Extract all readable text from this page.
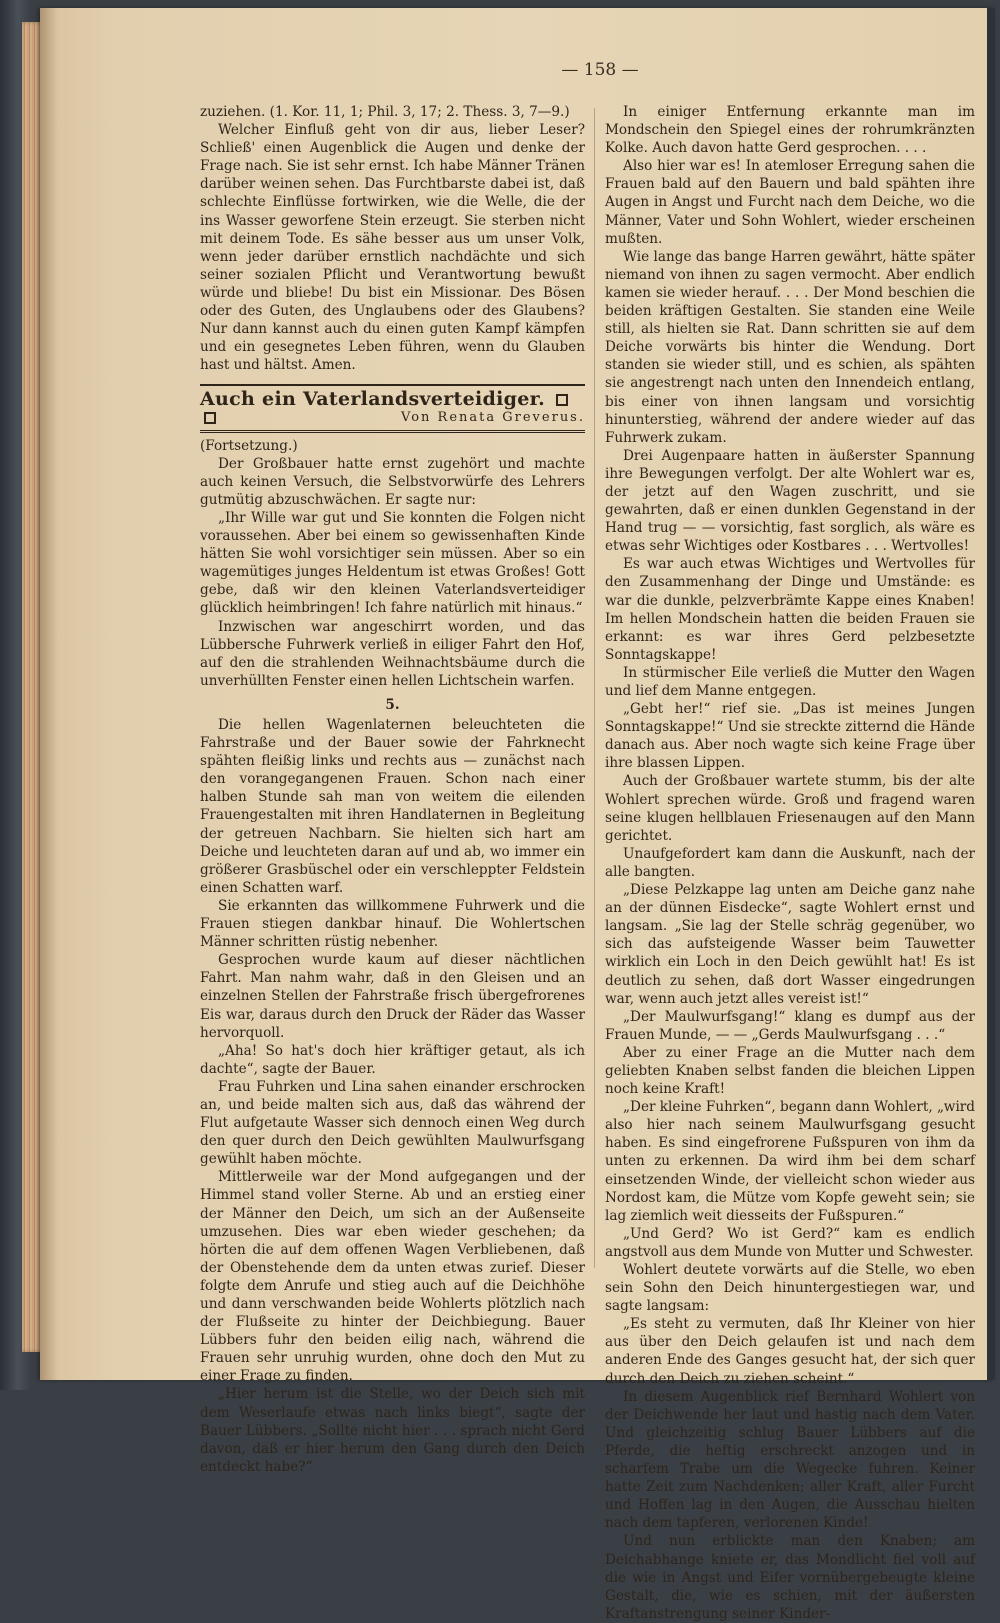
— 158 —

zuziehen. (1. Kor. 11, 1; Phil. 3, 17; 2. Thess. 3, 7—9.)

Welcher Einfluß geht von dir aus, lieber Leser? Schließ' einen Augenblick die Augen und denke der Frage nach. Sie ist sehr ernst. Ich habe Männer Tränen darüber weinen sehen. Das Furchtbarste dabei ist, daß schlechte Einflüsse fortwirken, wie die Welle, die der ins Wasser geworfene Stein erzeugt. Sie sterben nicht mit deinem Tode. Es sähe besser aus um unser Volk, wenn jeder darüber ernstlich nachdächte und sich seiner sozialen Pflicht und Verantwortung bewußt würde und bliebe! Du bist ein Missionar. Des Bösen oder des Guten, des Unglaubens oder des Glaubens? Nur dann kannst auch du einen guten Kampf kämpfen und ein gesegnetes Leben führen, wenn du Glauben hast und hältst. Amen.

Auch ein Vaterlandsverteidiger.
Von Renata Greverus.

(Fortsetzung.)

Der Großbauer hatte ernst zugehört und machte auch keinen Versuch, die Selbstvorwürfe des Lehrers gutmütig abzuschwächen. Er sagte nur:

„Ihr Wille war gut und Sie konnten die Folgen nicht voraussehen. Aber bei einem so gewissenhaften Kinde hätten Sie wohl vorsichtiger sein müssen. Aber so ein wagemütiges junges Heldentum ist etwas Großes! Gott gebe, daß wir den kleinen Vaterlandsverteidiger glücklich heimbringen! Ich fahre natürlich mit hinaus.“

Inzwischen war angeschirrt worden, und das Lübbersche Fuhrwerk verließ in eiliger Fahrt den Hof, auf den die strahlenden Weihnachtsbäume durch die unverhüllten Fenster einen hellen Lichtschein warfen.

5.

Die hellen Wagenlaternen beleuchteten die Fahrstraße und der Bauer sowie der Fahrknecht spähten fleißig links und rechts aus — zunächst nach den vorangegangenen Frauen. Schon nach einer halben Stunde sah man von weitem die eilenden Frauengestalten mit ihren Handlaternen in Begleitung der getreuen Nachbarn. Sie hielten sich hart am Deiche und leuchteten daran auf und ab, wo immer ein größerer Grasbüschel oder ein verschleppter Feldstein einen Schatten warf.

Sie erkannten das willkommene Fuhrwerk und die Frauen stiegen dankbar hinauf. Die Wohlertschen Männer schritten rüstig nebenher.

Gesprochen wurde kaum auf dieser nächtlichen Fahrt. Man nahm wahr, daß in den Gleisen und an einzelnen Stellen der Fahrstraße frisch übergefrorenes Eis war, daraus durch den Druck der Räder das Wasser hervorquoll.

„Aha! So hat's doch hier kräftiger getaut, als ich dachte“, sagte der Bauer.

Frau Fuhrken und Lina sahen einander erschrocken an, und beide malten sich aus, daß das während der Flut aufgetaute Wasser sich dennoch einen Weg durch den quer durch den Deich gewühlten Maulwurfsgang gewühlt haben möchte.

Mittlerweile war der Mond aufgegangen und der Himmel stand voller Sterne. Ab und an erstieg einer der Männer den Deich, um sich an der Außenseite umzusehen. Dies war eben wieder geschehen; da hörten die auf dem offenen Wagen Verbliebenen, daß der Obenstehende dem da unten etwas zurief. Dieser folgte dem Anrufe und stieg auch auf die Deichhöhe und dann verschwanden beide Wohlerts plötzlich nach der Flußseite zu hinter der Deichbiegung. Bauer Lübbers fuhr den beiden eilig nach, während die Frauen sehr unruhig wurden, ohne doch den Mut zu einer Frage zu finden.

„Hier herum ist die Stelle, wo der Deich sich mit dem Weserlaufe etwas nach links biegt“, sagte der Bauer Lübbers. „Sollte nicht hier . . . sprach nicht Gerd davon, daß er hier herum den Gang durch den Deich entdeckt habe?“

In einiger Entfernung erkannte man im Mondschein den Spiegel eines der rohrumkränzten Kolke. Auch davon hatte Gerd gesprochen. . . .

Also hier war es! In atemloser Erregung sahen die Frauen bald auf den Bauern und bald spähten ihre Augen in Angst und Furcht nach dem Deiche, wo die Männer, Vater und Sohn Wohlert, wieder erscheinen mußten.

Wie lange das bange Harren gewährt, hätte später niemand von ihnen zu sagen vermocht. Aber endlich kamen sie wieder herauf. . . . Der Mond beschien die beiden kräftigen Gestalten. Sie standen eine Weile still, als hielten sie Rat. Dann schritten sie auf dem Deiche vorwärts bis hinter die Wendung. Dort standen sie wieder still, und es schien, als spähten sie angestrengt nach unten den Innendeich entlang, bis einer von ihnen langsam und vorsichtig hinunterstieg, während der andere wieder auf das Fuhrwerk zukam.

Drei Augenpaare hatten in äußerster Spannung ihre Bewegungen verfolgt. Der alte Wohlert war es, der jetzt auf den Wagen zuschritt, und sie gewahrten, daß er einen dunklen Gegenstand in der Hand trug — — vorsichtig, fast sorglich, als wäre es etwas sehr Wichtiges oder Kostbares . . . Wertvolles!

Es war auch etwas Wichtiges und Wertvolles für den Zusammenhang der Dinge und Umstände: es war die dunkle, pelzverbrämte Kappe eines Knaben! Im hellen Mondschein hatten die beiden Frauen sie erkannt: es war ihres Gerd pelzbesetzte Sonntagskappe!

In stürmischer Eile verließ die Mutter den Wagen und lief dem Manne entgegen.

„Gebt her!“ rief sie. „Das ist meines Jungen Sonntagskappe!“ Und sie streckte zitternd die Hände danach aus. Aber noch wagte sich keine Frage über ihre blassen Lippen.

Auch der Großbauer wartete stumm, bis der alte Wohlert sprechen würde. Groß und fragend waren seine klugen hellblauen Friesenaugen auf den Mann gerichtet.

Unaufgefordert kam dann die Auskunft, nach der alle bangten.

„Diese Pelzkappe lag unten am Deiche ganz nahe an der dünnen Eisdecke“, sagte Wohlert ernst und langsam. „Sie lag der Stelle schräg gegenüber, wo sich das aufsteigende Wasser beim Tauwetter wirklich ein Loch in den Deich gewühlt hat! Es ist deutlich zu sehen, daß dort Wasser eingedrungen war, wenn auch jetzt alles vereist ist!“

„Der Maulwurfsgang!“ klang es dumpf aus der Frauen Munde, — — „Gerds Maulwurfsgang . . .“

Aber zu einer Frage an die Mutter nach dem geliebten Knaben selbst fanden die bleichen Lippen noch keine Kraft!

„Der kleine Fuhrken“, begann dann Wohlert, „wird also hier nach seinem Maulwurfsgang gesucht haben. Es sind eingefrorene Fußspuren von ihm da unten zu erkennen. Da wird ihm bei dem scharf einsetzenden Winde, der vielleicht schon wieder aus Nordost kam, die Mütze vom Kopfe geweht sein; sie lag ziemlich weit diesseits der Fußspuren.“

„Und Gerd? Wo ist Gerd?“ kam es endlich angstvoll aus dem Munde von Mutter und Schwester.

Wohlert deutete vorwärts auf die Stelle, wo eben sein Sohn den Deich hinuntergestiegen war, und sagte langsam:

„Es steht zu vermuten, daß Ihr Kleiner von hier aus über den Deich gelaufen ist und nach dem anderen Ende des Ganges gesucht hat, der sich quer durch den Deich zu ziehen scheint.“

In diesem Augenblick rief Bernhard Wohlert von der Deichwende her laut und hastig nach dem Vater. Und gleichzeitig schlug Bauer Lübbers auf die Pferde, die heftig erschreckt anzogen und in scharfem Trabe um die Wegecke fuhren. Keiner hatte Zeit zum Nachdenken; aller Kraft, aller Furcht und Hoffen lag in den Augen, die Ausschau hielten nach dem tapferen, verlorenen Kinde!

Und nun erblickte man den Knaben; am Deichabhange kniete er, das Mondlicht fiel voll auf die wie in Angst und Eifer vornübergebeugte kleine Gestalt, die, wie es schien, mit der äußersten Kraftanstrengung seiner Kinder-
